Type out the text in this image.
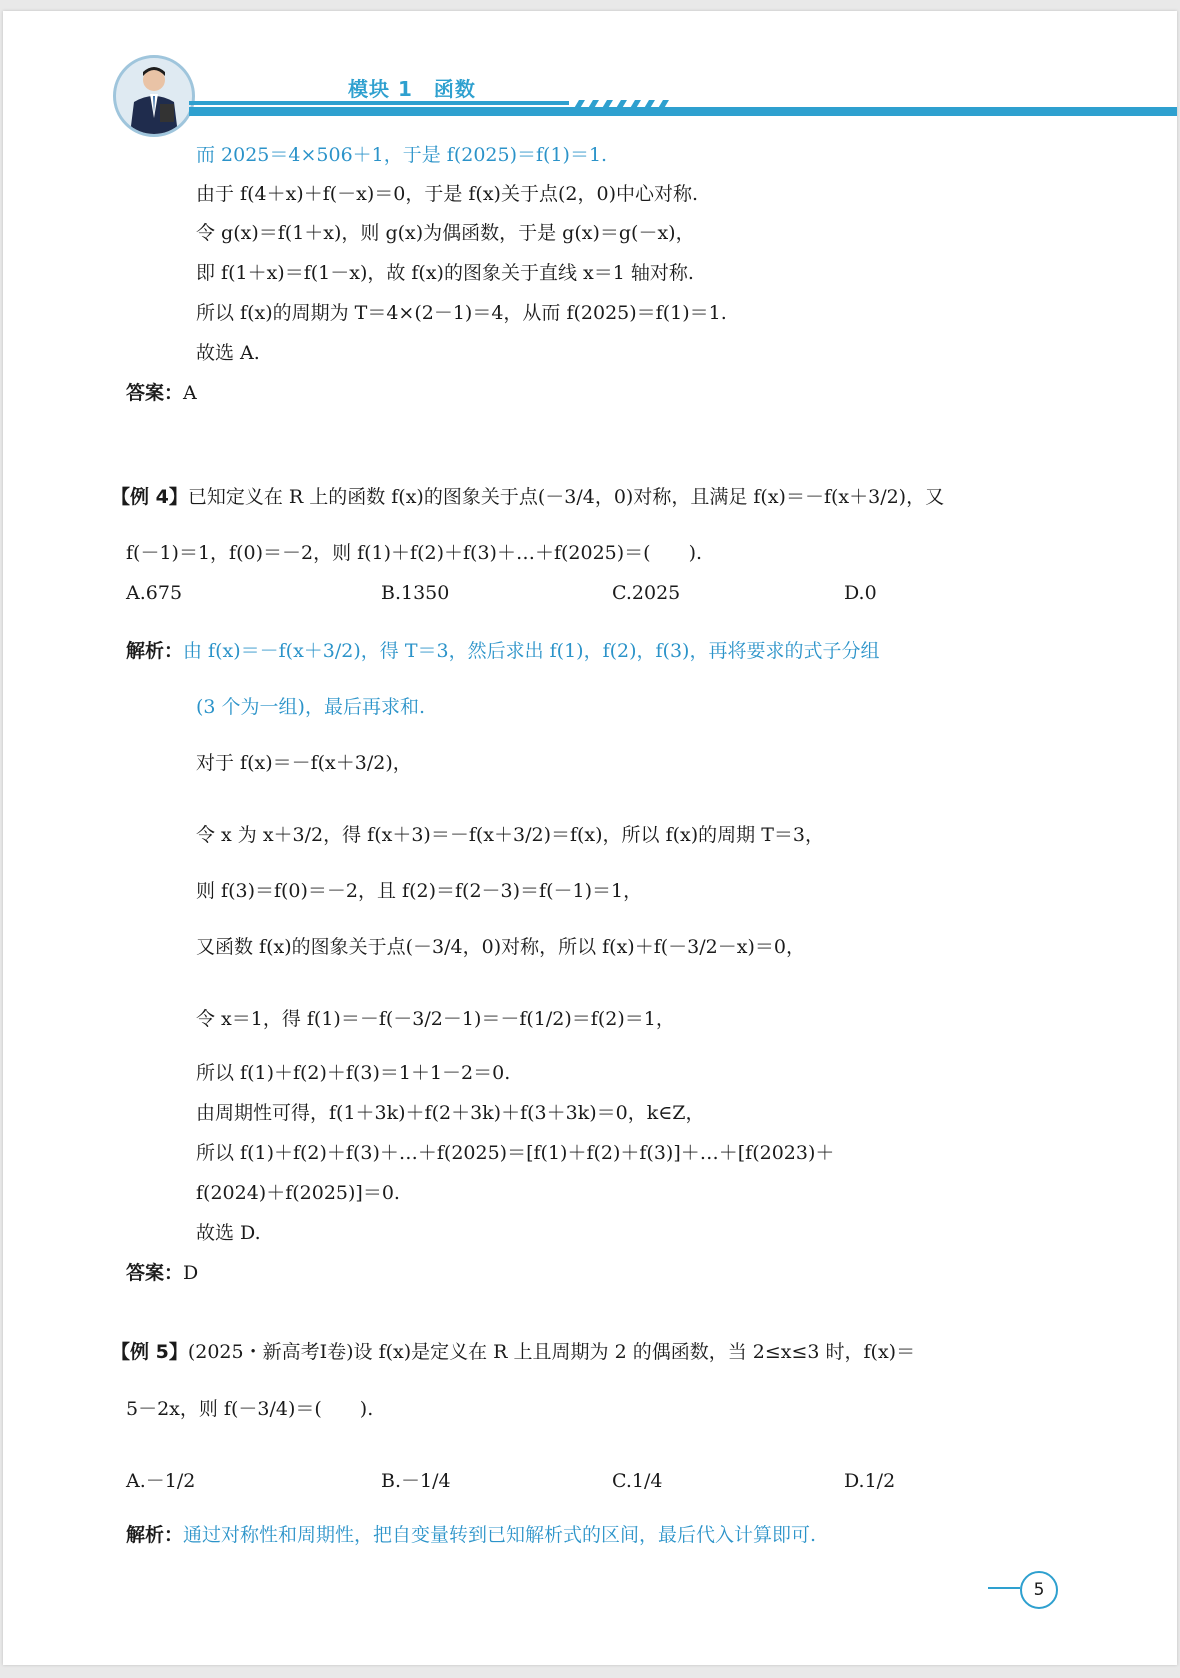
模块 1　函数
而 2025＝4×506＋1，于是 f(2025)＝f(1)＝1.
由于 f(4＋x)＋f(－x)＝0，于是 f(x)关于点(2，0)中心对称.
令 g(x)＝f(1＋x)，则 g(x)为偶函数，于是 g(x)＝g(－x)，
即 f(1＋x)＝f(1－x)，故 f(x)的图象关于直线 x＝1 轴对称.
所以 f(x)的周期为 T＝4×(2－1)＝4，从而 f(2025)＝f(1)＝1.
故选 A.
答案：A
【例 4】已知定义在 R 上的函数 f(x)的图象关于点(－3/4，0)对称，且满足 f(x)＝－f(x＋3/2)，又
f(－1)＝1，f(0)＝－2，则 f(1)＋f(2)＋f(3)＋…＋f(2025)＝(　　).
A.675	B.1350	C.2025	D.0
解析：由 f(x)＝－f(x＋3/2)，得 T＝3，然后求出 f(1)，f(2)，f(3)，再将要求的式子分组
(3 个为一组)，最后再求和.
对于 f(x)＝－f(x＋3/2)，
令 x 为 x＋3/2，得 f(x＋3)＝－f(x＋3/2)＝f(x)，所以 f(x)的周期 T＝3，
则 f(3)＝f(0)＝－2，且 f(2)＝f(2－3)＝f(－1)＝1，
又函数 f(x)的图象关于点(－3/4，0)对称，所以 f(x)＋f(－3/2－x)＝0，
令 x＝1，得 f(1)＝－f(－3/2－1)＝－f(1/2)＝f(2)＝1，
所以 f(1)＋f(2)＋f(3)＝1＋1－2＝0.
由周期性可得，f(1＋3k)＋f(2＋3k)＋f(3＋3k)＝0，k∈Z，
所以 f(1)＋f(2)＋f(3)＋…＋f(2025)＝[f(1)＋f(2)＋f(3)]＋…＋[f(2023)＋
f(2024)＋f(2025)]＝0.
故选 D.
答案：D
【例 5】(2025・新高考Ⅰ卷)设 f(x)是定义在 R 上且周期为 2 的偶函数，当 2≤x≤3 时，f(x)＝
5－2x，则 f(－3/4)＝(　　).
A.－1/2	B.－1/4	C.1/4	D.1/2
解析：通过对称性和周期性，把自变量转到已知解析式的区间，最后代入计算即可.
5
